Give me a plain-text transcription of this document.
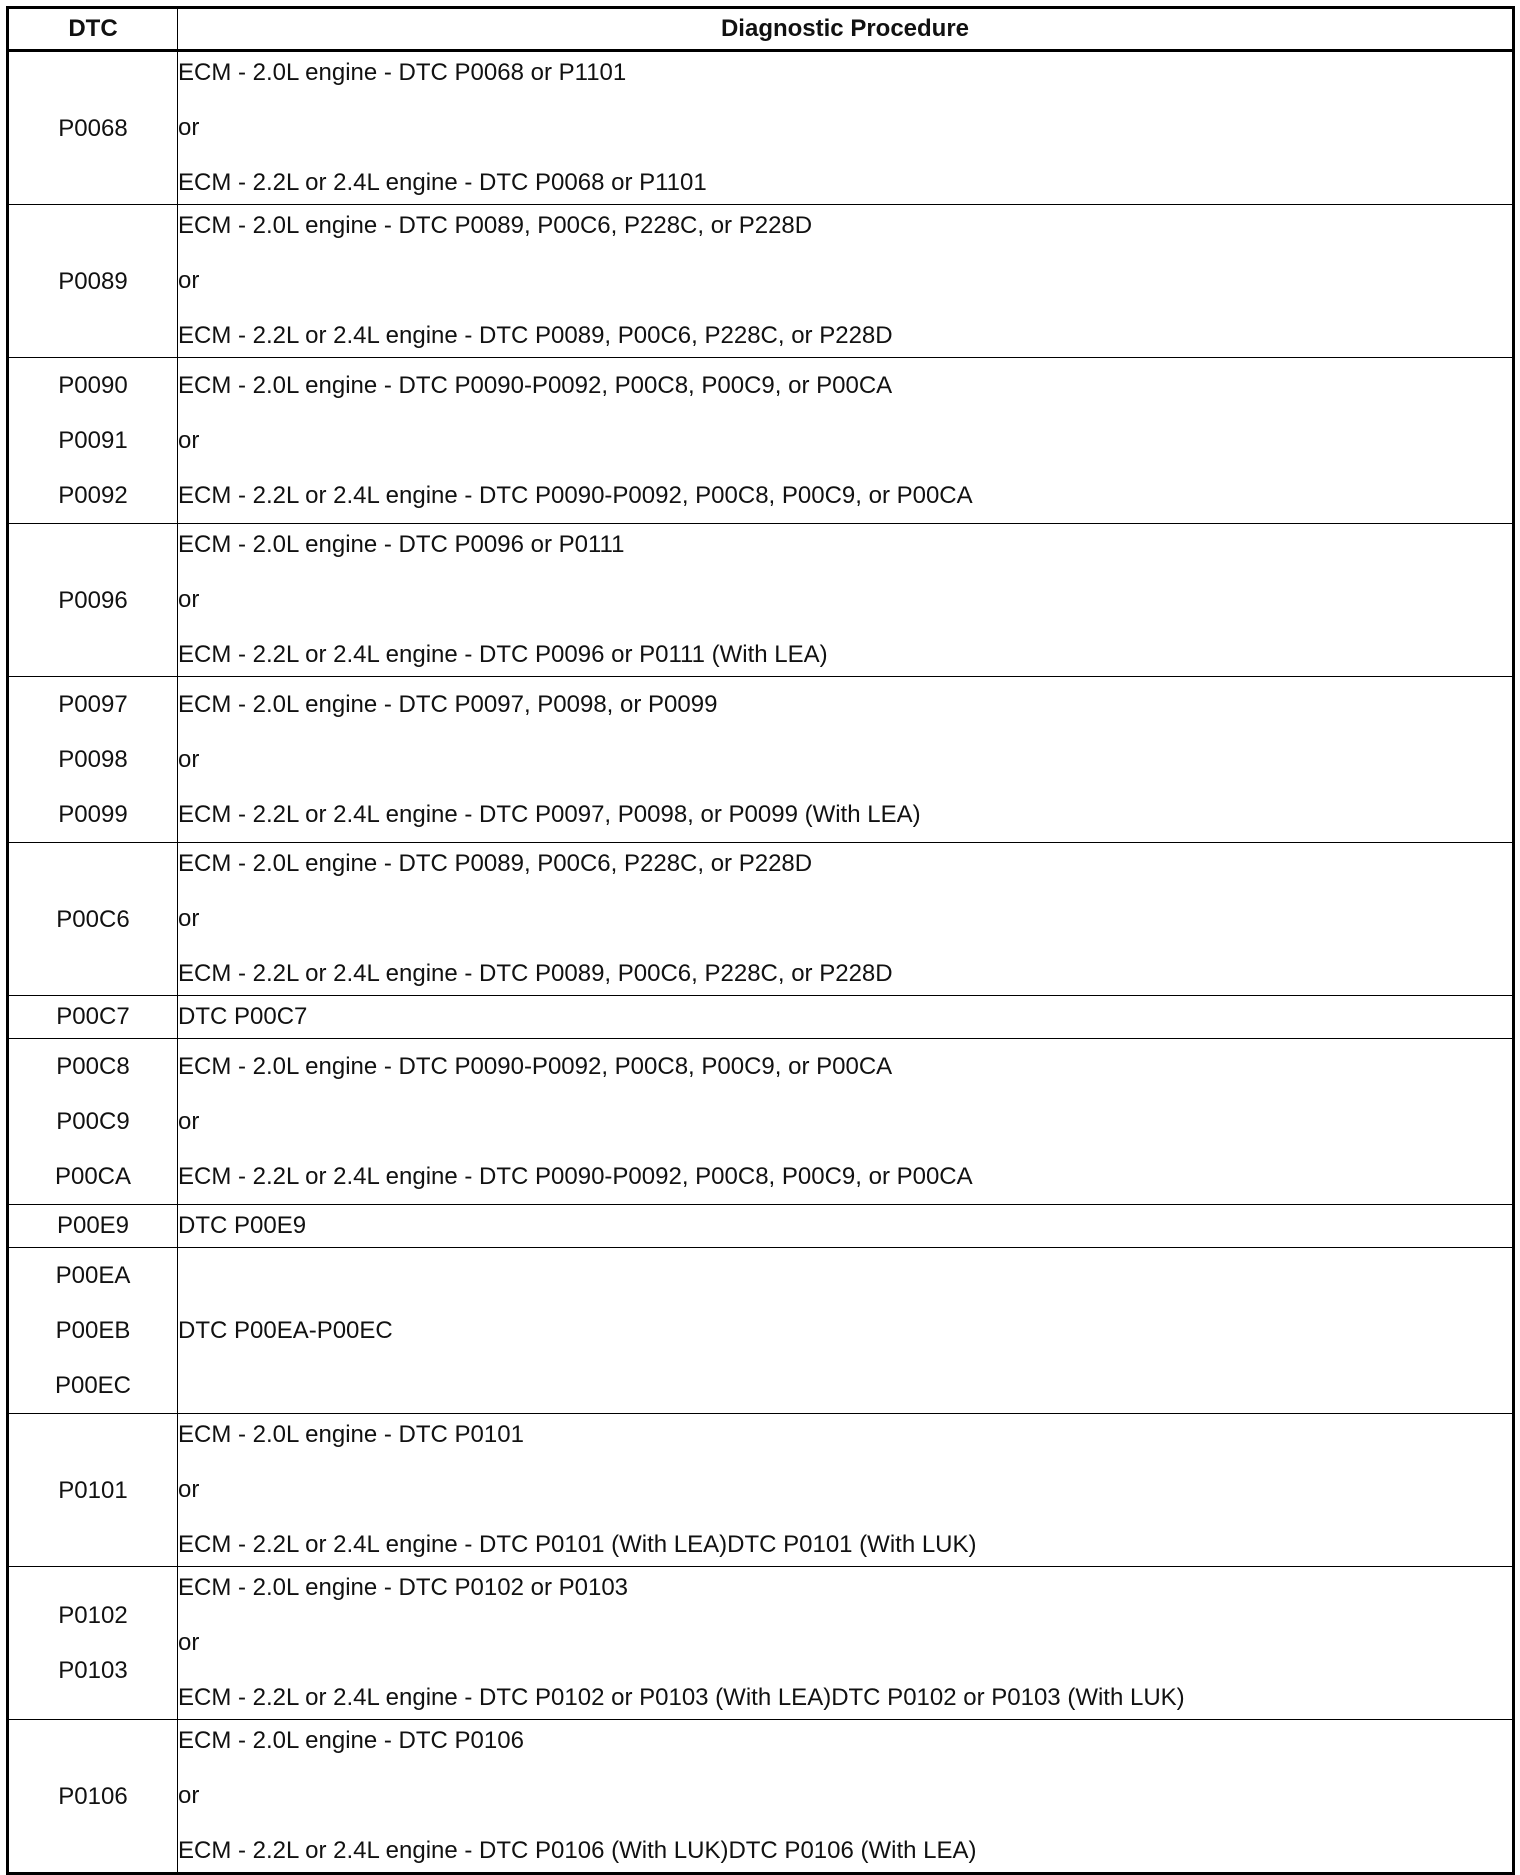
DTC	Diagnostic Procedure

P0068	ECM - 2.0L engine - DTC P0068 or P1101
or
ECM - 2.2L or 2.4L engine - DTC P0068 or P1101

P0089	ECM - 2.0L engine - DTC P0089, P00C6, P228C, or P228D
or
ECM - 2.2L or 2.4L engine - DTC P0089, P00C6, P228C, or P228D

P0090
P0091
P0092	ECM - 2.0L engine - DTC P0090-P0092, P00C8, P00C9, or P00CA
or
ECM - 2.2L or 2.4L engine - DTC P0090-P0092, P00C8, P00C9, or P00CA

P0096	ECM - 2.0L engine - DTC P0096 or P0111
or
ECM - 2.2L or 2.4L engine - DTC P0096 or P0111 (With LEA)

P0097
P0098
P0099	ECM - 2.0L engine - DTC P0097, P0098, or P0099
or
ECM - 2.2L or 2.4L engine - DTC P0097, P0098, or P0099 (With LEA)

P00C6	ECM - 2.0L engine - DTC P0089, P00C6, P228C, or P228D
or
ECM - 2.2L or 2.4L engine - DTC P0089, P00C6, P228C, or P228D

P00C7	DTC P00C7

P00C8
P00C9
P00CA	ECM - 2.0L engine - DTC P0090-P0092, P00C8, P00C9, or P00CA
or
ECM - 2.2L or 2.4L engine - DTC P0090-P0092, P00C8, P00C9, or P00CA

P00E9	DTC P00E9

P00EA
P00EB
P00EC	DTC P00EA-P00EC

P0101	ECM - 2.0L engine - DTC P0101
or
ECM - 2.2L or 2.4L engine - DTC P0101 (With LEA)DTC P0101 (With LUK)

P0102
P0103	ECM - 2.0L engine - DTC P0102 or P0103
or
ECM - 2.2L or 2.4L engine - DTC P0102 or P0103 (With LEA)DTC P0102 or P0103 (With LUK)

P0106	ECM - 2.0L engine - DTC P0106
or
ECM - 2.2L or 2.4L engine - DTC P0106 (With LUK)DTC P0106 (With LEA)
